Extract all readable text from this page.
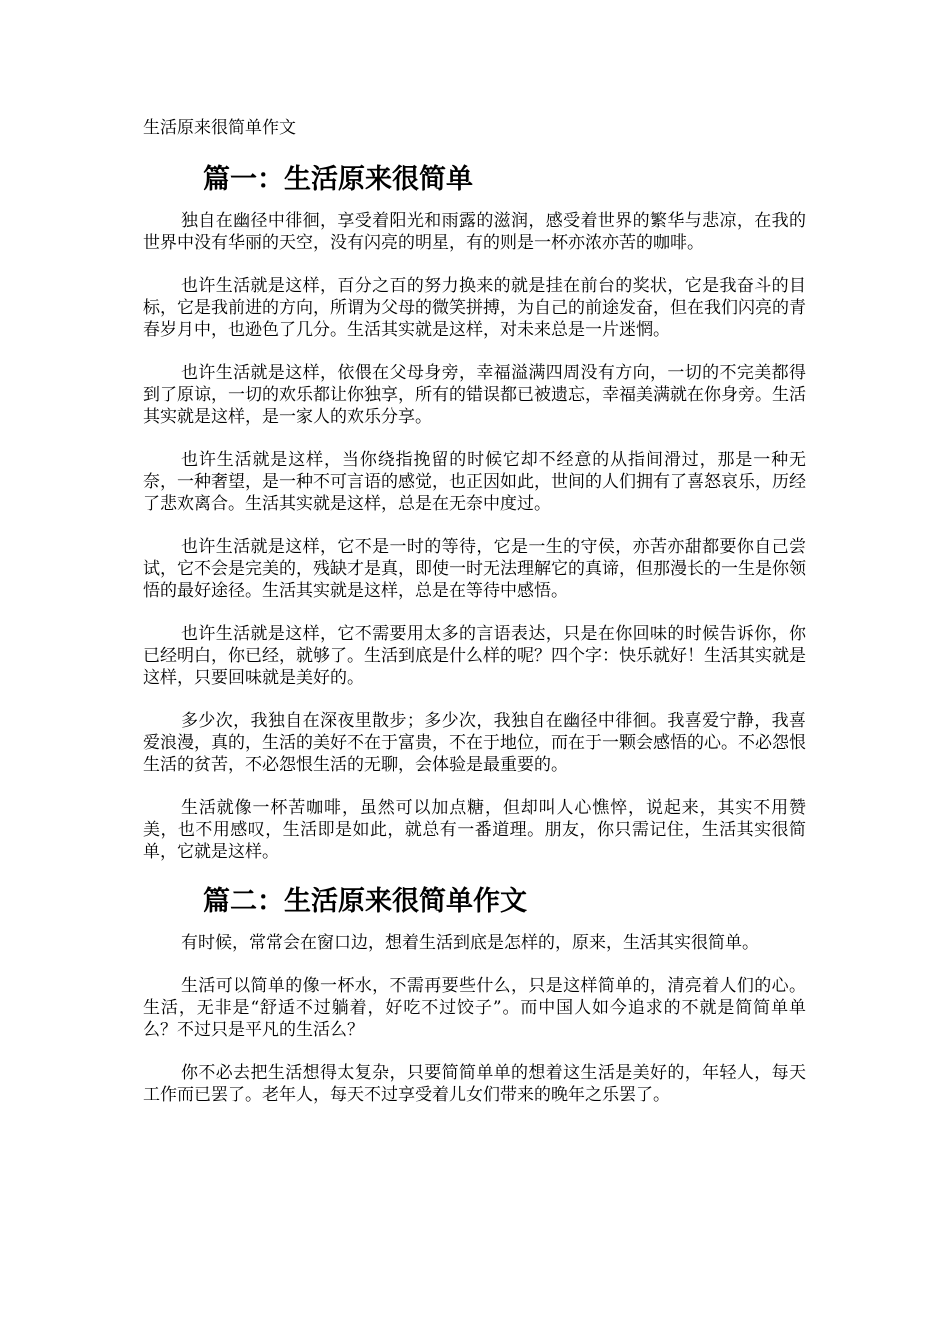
生活原来很简单作文
篇一：生活原来很简单

独自在幽径中徘徊，享受着阳光和雨露的滋润，感受着世界的繁华与悲凉，在我的世界中没有华丽的天空，没有闪亮的明星，有的则是一杯亦浓亦苦的咖啡。

也许生活就是这样，百分之百的努力换来的就是挂在前台的奖状，它是我奋斗的目标，它是我前进的方向，所谓为父母的微笑拼搏，为自己的前途发奋，但在我们闪亮的青春岁月中，也逊色了几分。生活其实就是这样，对未来总是一片迷惘。

也许生活就是这样，依偎在父母身旁，幸福溢满四周没有方向，一切的不完美都得到了原谅，一切的欢乐都让你独享，所有的错误都已被遗忘，幸福美满就在你身旁。生活其实就是这样，是一家人的欢乐分享。

也许生活就是这样，当你绕指挽留的时候它却不经意的从指间滑过，那是一种无奈，一种奢望，是一种不可言语的感觉，也正因如此，世间的人们拥有了喜怒哀乐，历经了悲欢离合。生活其实就是这样，总是在无奈中度过。

也许生活就是这样，它不是一时的等待，它是一生的守侯，亦苦亦甜都要你自己尝试，它不会是完美的，残缺才是真，即使一时无法理解它的真谛，但那漫长的一生是你领悟的最好途径。生活其实就是这样，总是在等待中感悟。

也许生活就是这样，它不需要用太多的言语表达，只是在你回味的时候告诉你，你已经明白，你已经，就够了。生活到底是什么样的呢？四个字：快乐就好！生活其实就是这样，只要回味就是美好的。

多少次，我独自在深夜里散步；多少次，我独自在幽径中徘徊。我喜爱宁静，我喜爱浪漫，真的，生活的美好不在于富贵，不在于地位，而在于一颗会感悟的心。不必怨恨生活的贫苦，不必怨恨生活的无聊，会体验是最重要的。

生活就像一杯苦咖啡，虽然可以加点糖，但却叫人心憔悴，说起来，其实不用赞美，也不用感叹，生活即是如此，就总有一番道理。朋友，你只需记住，生活其实很简单，它就是这样。

篇二：生活原来很简单作文

有时候，常常会在窗口边，想着生活到底是怎样的，原来，生活其实很简单。

生活可以简单的像一杯水，不需再要些什么，只是这样简单的，清亮着人们的心。生活，无非是“舒适不过躺着，好吃不过饺子”。而中国人如今追求的不就是简简单单么？不过只是平凡的生活么？

你不必去把生活想得太复杂，只要简简单单的想着这生活是美好的，年轻人，每天工作而已罢了。老年人，每天不过享受着儿女们带来的晚年之乐罢了。
